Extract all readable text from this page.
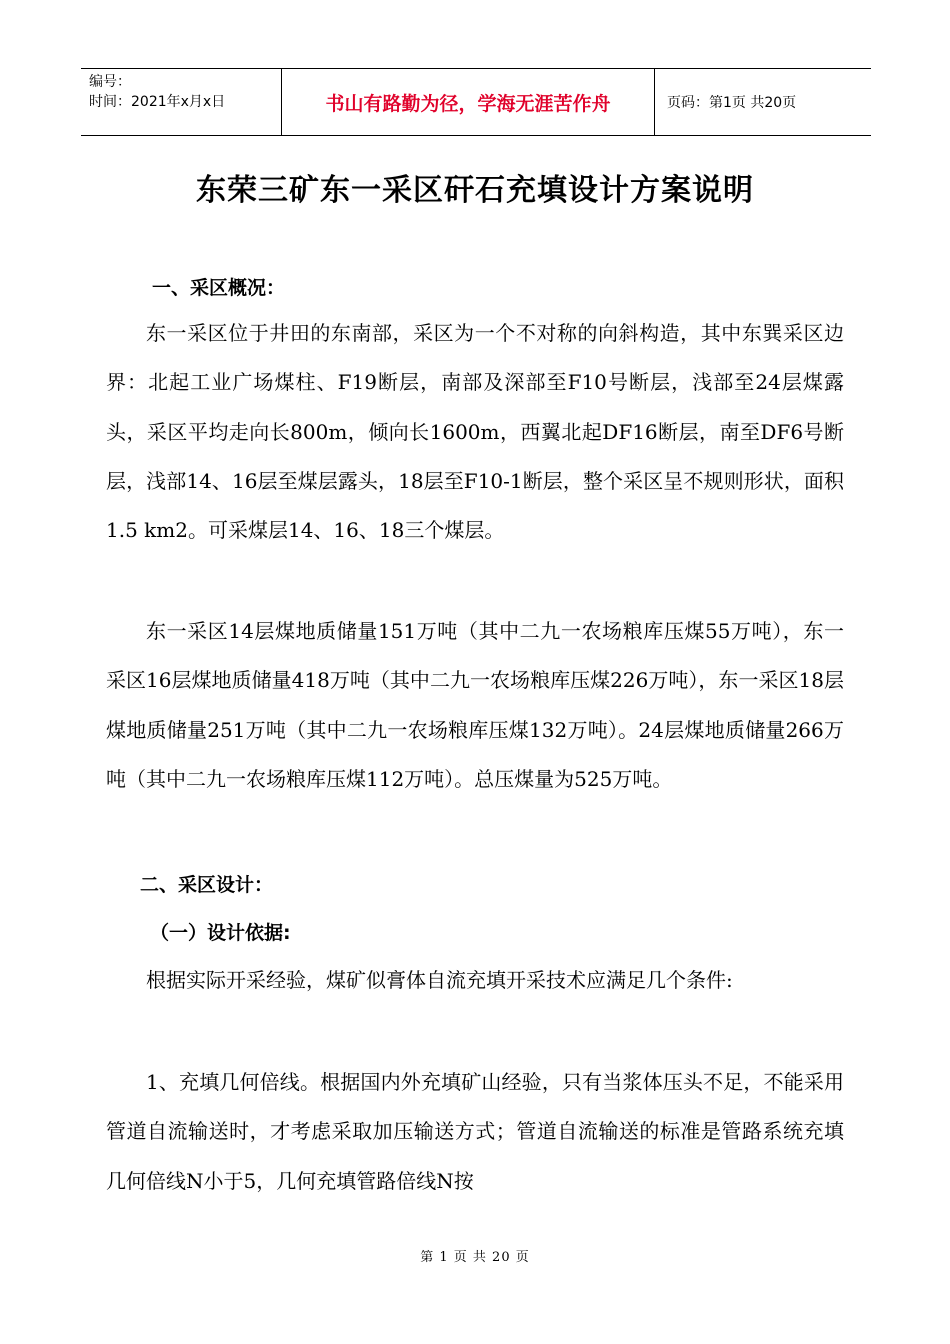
编号：
时间：2021年x月x日	书山有路勤为径，学海无涯苦作舟	页码：第1页 共20页
东荣三矿东一采区矸石充填设计方案说明
一、采区概况：
东一采区位于井田的东南部，采区为一个不对称的向斜构造，其中东巽采区边界：北起工业广场煤柱、F19断层，南部及深部至F10号断层，浅部至24层煤露头，采区平均走向长800m，倾向长1600m，西翼北起DF16断层，南至DF6号断层，浅部14、16层至煤层露头，18层至F10-1断层，整个采区呈不规则形状，面积1.5 km2。可采煤层14、16、18三个煤层。
东一采区14层煤地质储量151万吨（其中二九一农场粮库压煤55万吨），东一采区16层煤地质储量418万吨（其中二九一农场粮库压煤226万吨），东一采区18层煤地质储量251万吨（其中二九一农场粮库压煤132万吨）。24层煤地质储量266万吨（其中二九一农场粮库压煤112万吨）。总压煤量为525万吨。
二、采区设计：
（一）设计依据:
根据实际开采经验，煤矿似膏体自流充填开采技术应满足几个条件:
1、充填几何倍线。根据国内外充填矿山经验，只有当浆体压头不足，不能采用管道自流输送时，才考虑采取加压输送方式；管道自流输送的标准是管路系统充填几何倍线N小于5，几何充填管路倍线N按
第 1 页 共 20 页
